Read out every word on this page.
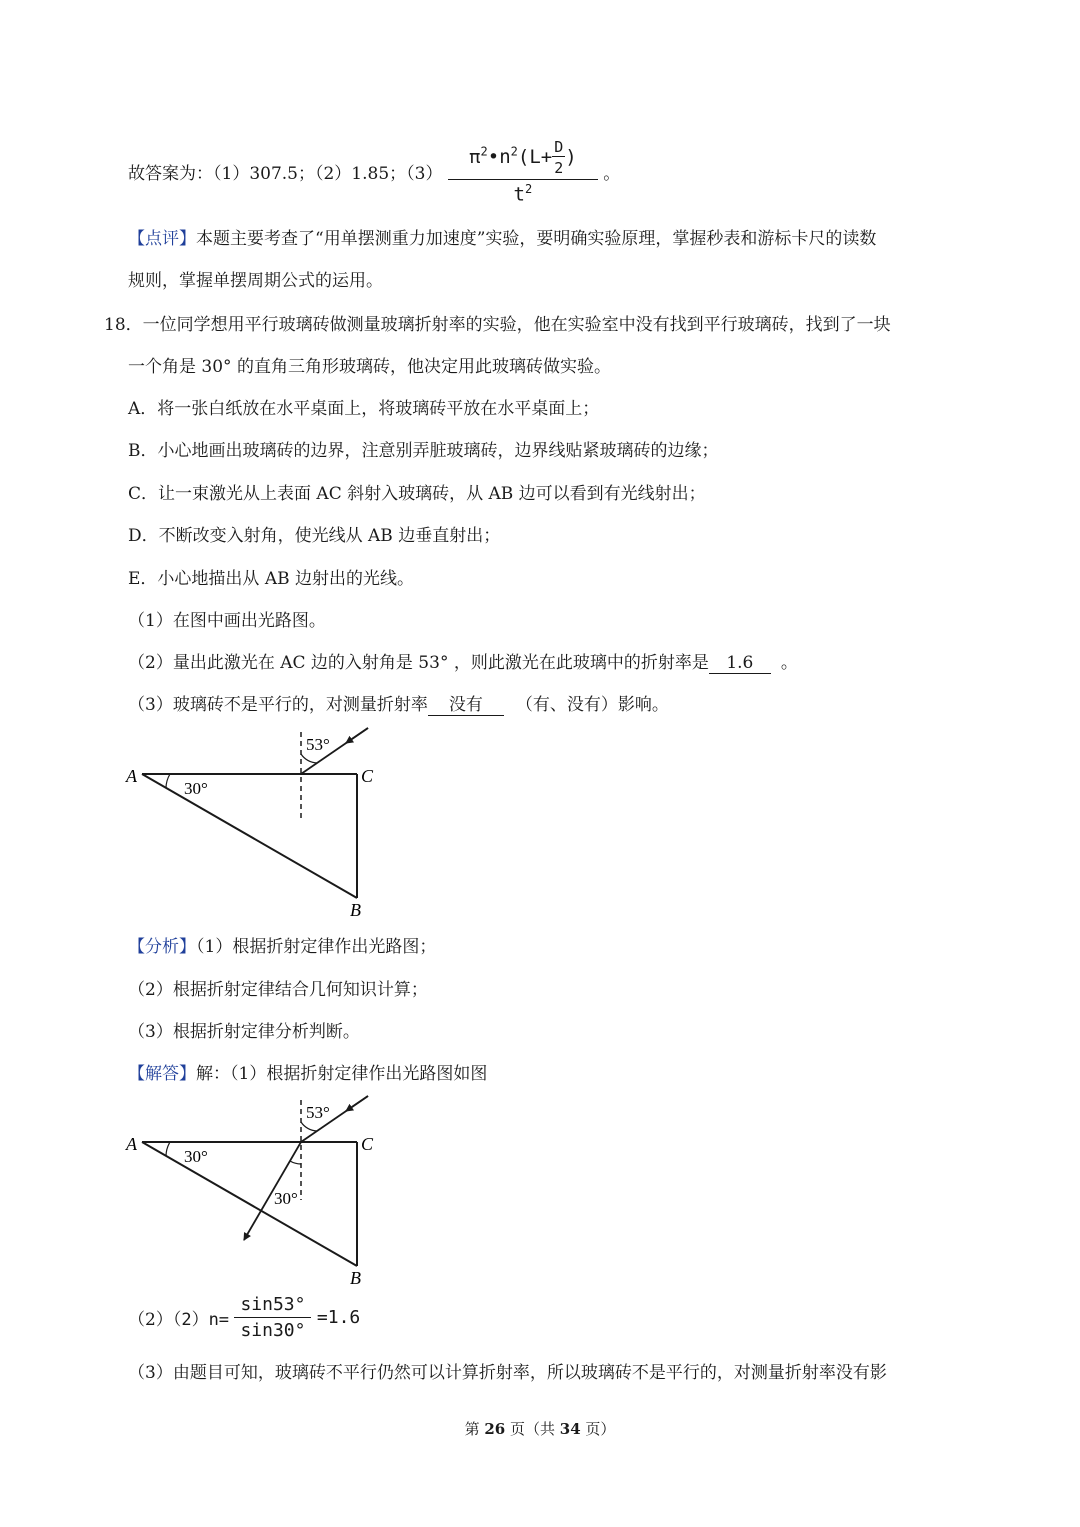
故答案为：（1）307.5；（2）1.85；$(3) \frac{\pi^2•n^2(L+ \frac{D}{2} )}{t^2}$ 。
【点评】本题主要考查了“用单摆测重力加速度”实验，要明确实验原理，掌握秒表和游标卡尺的读数
规则，掌握单摆周期公式的运用。
18．一位同学想用平行玻璃砖做测量玻璃折射率的实验，他在实验室中没有找到平行玻璃砖，找到了一块
一个角是 30° 的直角三角形玻璃砖，他决定用此玻璃砖做实验。
A．将一张白纸放在水平桌面上，将玻璃砖平放在水平桌面上；
B．小心地画出玻璃砖的边界，注意别弄脏玻璃砖，边界线贴紧玻璃砖的边缘；
C．让一束激光从上表面 AC 斜射入玻璃砖，从 AB 边可以看到有光线射出；
D．不断改变入射角，使光线从 AB 边垂直射出；
E．小心地描出从 AB 边射出的光线。
（1）在图中画出光路图。
（2）量出此激光在 AC 边的入射角是 53° ，则此激光在此玻璃中的折射率是 1.6 。
（3）玻璃砖不是平行的，对测量折射率 没有 （有、没有）影响。
A	C
B
30°
53°
【分析】（1）根据折射定律作出光路图；
（2）根据折射定律结合几何知识计算；
（3）根据折射定律分析判断。
【解答】解：（1）根据折射定律作出光路图如图
A	C
B
30°
53°
30°
$(2)(2)n= \frac{\sin 53^\circ}{\sin 30^\circ} =1.6$
（3）由题目可知，玻璃砖不平行仍然可以计算折射率，所以玻璃砖不是平行的，对测量折射率没有影
第 26 页（共 34 页）
